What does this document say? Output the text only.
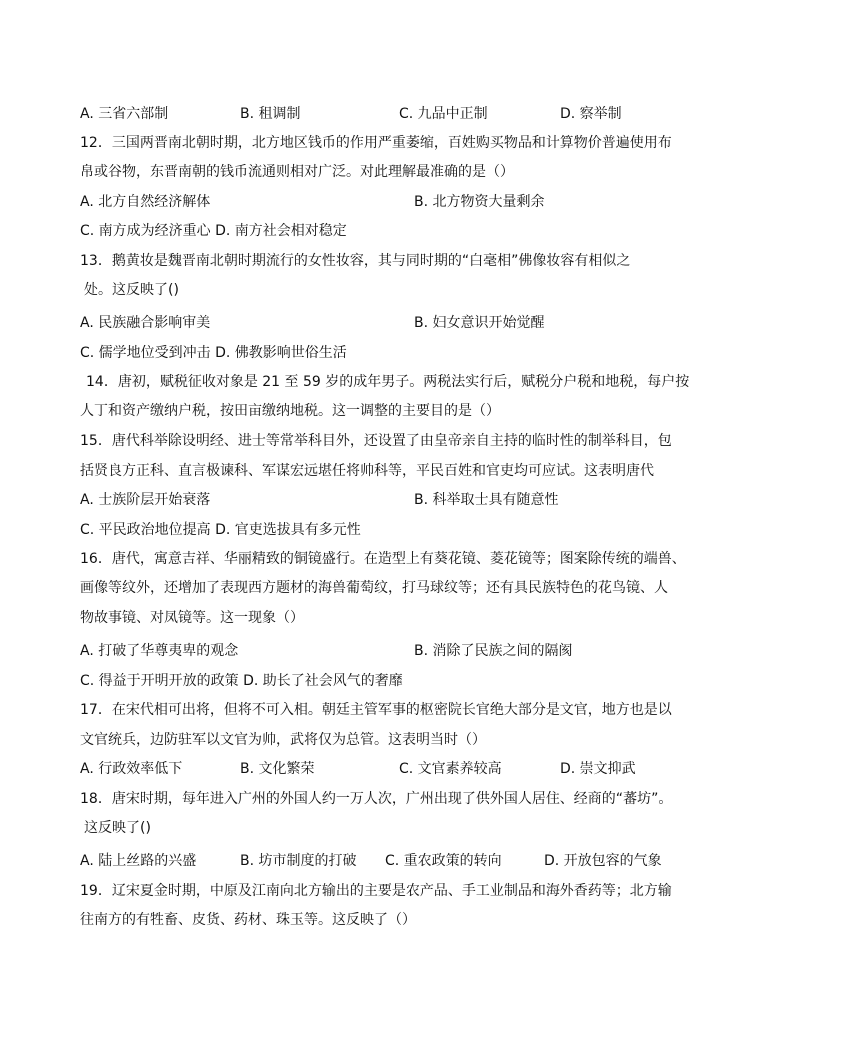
A. 三省六部制	B. 租调制	C. 九品中正制	D. 察举制
12．三国两晋南北朝时期，北方地区钱币的作用严重萎缩，百姓购买物品和计算物价普遍使用布
帛或谷物，东晋南朝的钱币流通则相对广泛。对此理解最准确的是（）
A. 北方自然经济解体	B. 北方物资大量剩余
C. 南方成为经济重心 D. 南方社会相对稳定
13．鹅黄妆是魏晋南北朝时期流行的女性妆容，其与同时期的“白毫相”佛像妆容有相似之
处。这反映了()
A. 民族融合影响审美	B. 妇女意识开始觉醒
C. 儒学地位受到冲击 D. 佛教影响世俗生活
14．唐初，赋税征收对象是 21 至 59 岁的成年男子。两税法实行后，赋税分户税和地税，每户按
人丁和资产缴纳户税，按田亩缴纳地税。这一调整的主要目的是（）
15．唐代科举除设明经、进士等常举科目外，还设置了由皇帝亲自主持的临时性的制举科目，包
括贤良方正科、直言极谏科、军谋宏远堪任将帅科等，平民百姓和官吏均可应试。这表明唐代
A. 士族阶层开始衰落	B. 科举取士具有随意性
C. 平民政治地位提高 D. 官吏选拔具有多元性
16．唐代，寓意吉祥、华丽精致的铜镜盛行。在造型上有葵花镜、菱花镜等；图案除传统的端兽、
画像等纹外，还增加了表现西方题材的海兽葡萄纹，打马球纹等；还有具民族特色的花鸟镜、人
物故事镜、对凤镜等。这一现象（）
A. 打破了华尊夷卑的观念	B. 消除了民族之间的隔阂
C. 得益于开明开放的政策 D. 助长了社会风气的奢靡
17．在宋代相可出将，但将不可入相。朝廷主管军事的枢密院长官绝大部分是文官，地方也是以
文官统兵，边防驻军以文官为帅，武将仅为总管。这表明当时（）
A. 行政效率低下	B. 文化繁荣	C. 文官素养较高	D. 崇文抑武
18．唐宋时期，每年进入广州的外国人约一万人次，广州出现了供外国人居住、经商的“蕃坊”。
这反映了()
A. 陆上丝路的兴盛	B. 坊市制度的打破 C. 重农政策的转向	D. 开放包容的气象
19．辽宋夏金时期，中原及江南向北方输出的主要是农产品、手工业制品和海外香药等；北方输
往南方的有牲畜、皮货、药材、珠玉等。这反映了（）
